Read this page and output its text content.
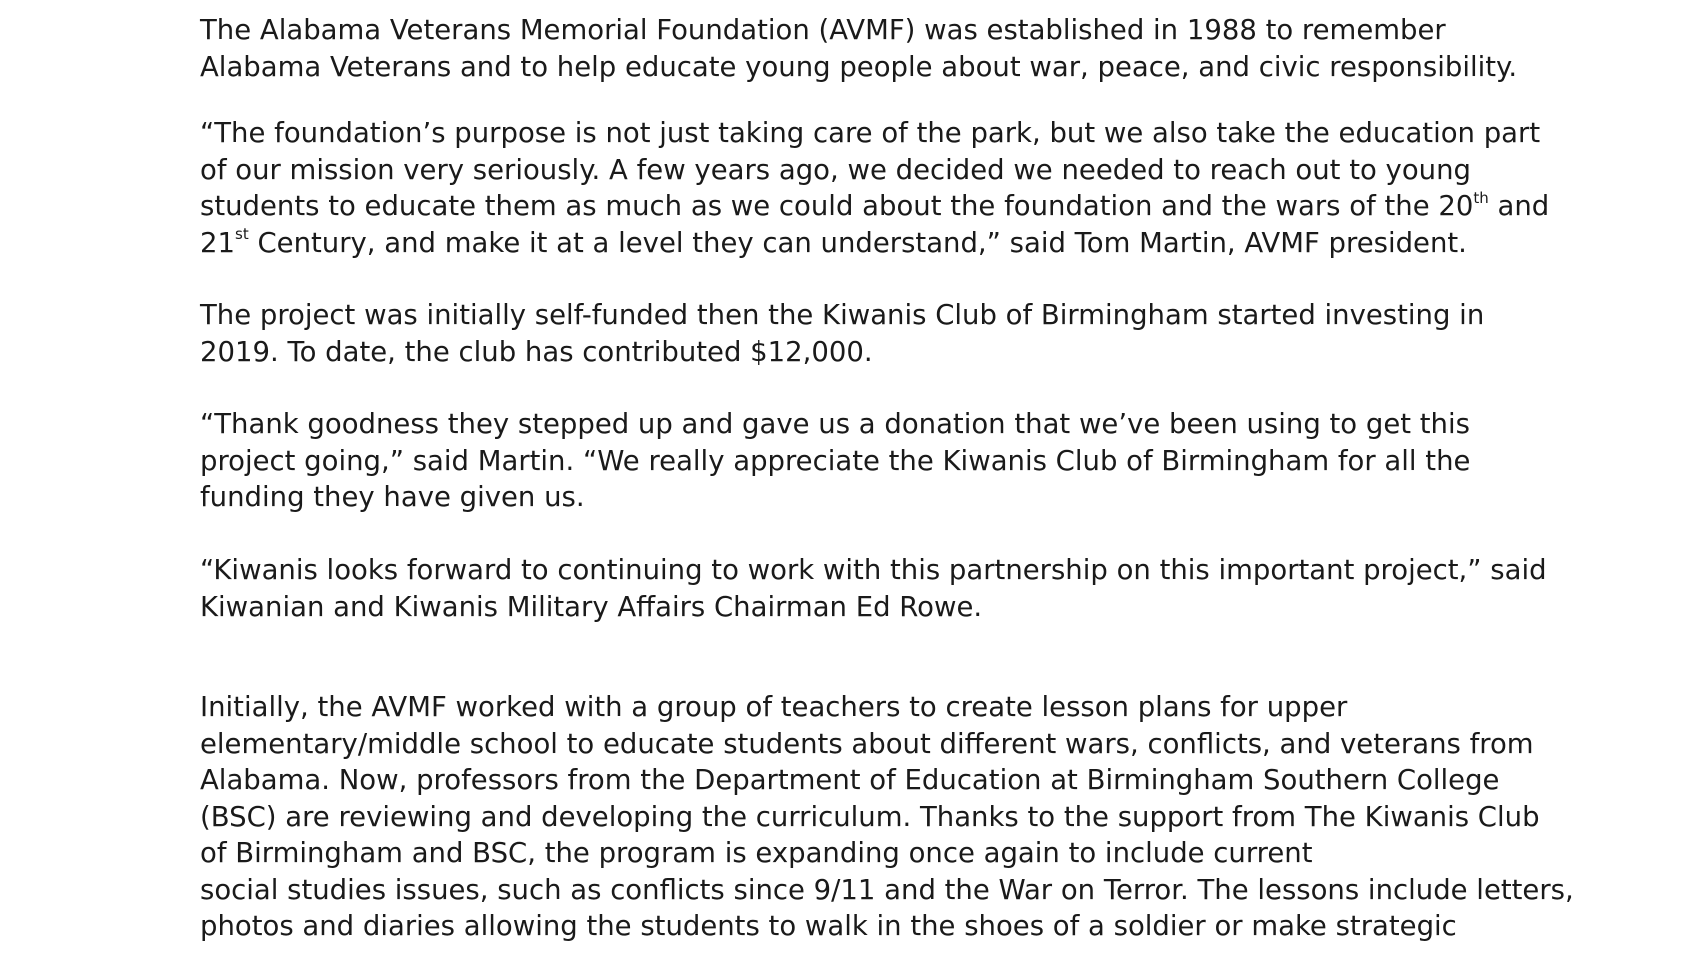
The Alabama Veterans Memorial Foundation (AVMF) was established in 1988 to remember
Alabama Veterans and to help educate young people about war, peace, and civic responsibility.

“The foundation’s purpose is not just taking care of the park, but we also take the education part
of our mission very seriously. A few years ago, we decided we needed to reach out to young
students to educate them as much as we could about the foundation and the wars of the 20th and
21st Century, and make it at a level they can understand,” said Tom Martin, AVMF president.

The project was initially self-funded then the Kiwanis Club of Birmingham started investing in
2019. To date, the club has contributed $12,000.

“Thank goodness they stepped up and gave us a donation that we’ve been using to get this
project going,” said Martin. “We really appreciate the Kiwanis Club of Birmingham for all the
funding they have given us.

“Kiwanis looks forward to continuing to work with this partnership on this important project,” said
Kiwanian and Kiwanis Military Affairs Chairman Ed Rowe.

Initially, the AVMF worked with a group of teachers to create lesson plans for upper
elementary/middle school to educate students about different wars, conflicts, and veterans from
Alabama. Now, professors from the Department of Education at Birmingham Southern College
(BSC) are reviewing and developing the curriculum. Thanks to the support from The Kiwanis Club
of Birmingham and BSC, the program is expanding once again to include current
social studies issues, such as conflicts since 9/11 and the War on Terror. The lessons include letters,
photos and diaries allowing the students to walk in the shoes of a soldier or make strategic
